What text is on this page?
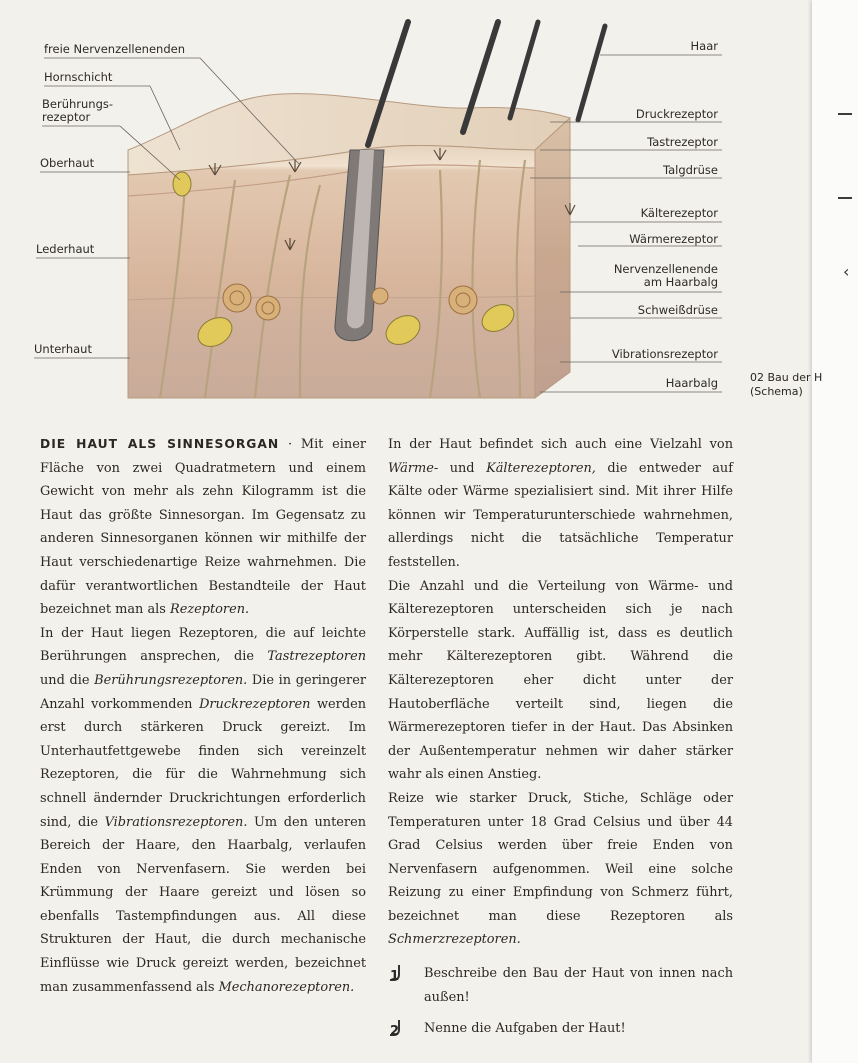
‹
freie Nervenzellenenden
Hornschicht
Berührungs-
rezeptor
Oberhaut
Lederhaut
Unterhaut
Haar
Druckrezeptor
Tastrezeptor
Talgdrüse
Kälterezeptor
Wärmerezeptor
Nervenzellenende
am Haarbalg
Schweißdrüse
Vibrationsrezeptor
Haarbalg	02 Bau der H
(Schema)

DIE HAUT ALS SINNESORGAN · Mit einer Fläche von zwei Quadratmetern und einem Gewicht von mehr als zehn Kilogramm ist die Haut das größte Sinnesorgan. Im Gegensatz zu anderen Sinnesorganen können wir mithilfe der Haut verschiedenartige Reize wahrnehmen. Die dafür verantwortlichen Bestandteile der Haut bezeichnet man als Rezeptoren.

In der Haut liegen Rezeptoren, die auf leichte Berührungen ansprechen, die Tastrezeptoren und die Berührungsrezeptoren. Die in geringerer Anzahl vorkommenden Druckrezeptoren werden erst durch stärkeren Druck gereizt. Im Unterhautfettgewebe finden sich vereinzelt Rezeptoren, die für die Wahrnehmung sich schnell ändernder Druckrichtungen erforderlich sind, die Vibrationsrezeptoren. Um den unteren Bereich der Haare, den Haarbalg, verlaufen Enden von Nervenfasern. Sie werden bei Krümmung der Haare gereizt und lösen so ebenfalls Tastempfindungen aus. All diese Strukturen der Haut, die durch mechanische Einflüsse wie Druck gereizt werden, bezeichnet man zusammenfassend als Mechanorezeptoren.

In der Haut befindet sich auch eine Vielzahl von Wärme- und Kälterezeptoren, die entweder auf Kälte oder Wärme spezialisiert sind. Mit ihrer Hilfe können wir Temperaturunterschiede wahrnehmen, allerdings nicht die tatsächliche Temperatur feststellen.

Die Anzahl und die Verteilung von Wärme- und Kälterezeptoren unterscheiden sich je nach Körperstelle stark. Auffällig ist, dass es deutlich mehr Kälterezeptoren gibt. Während die Kälterezeptoren eher dicht unter der Hautoberfläche verteilt sind, liegen die Wärmerezeptoren tiefer in der Haut. Das Absinken der Außentemperatur nehmen wir daher stärker wahr als einen Anstieg.

Reize wie starker Druck, Stiche, Schläge oder Temperaturen unter 18 Grad Celsius und über 44 Grad Celsius werden über freie Enden von Nervenfasern aufgenommen. Weil eine solche Reizung zu einer Empfindung von Schmerz führt, bezeichnet man diese Rezeptoren als Schmerzrezeptoren.

1 Beschreibe den Bau der Haut von innen nach außen!
2 Nenne die Aufgaben der Haut!
